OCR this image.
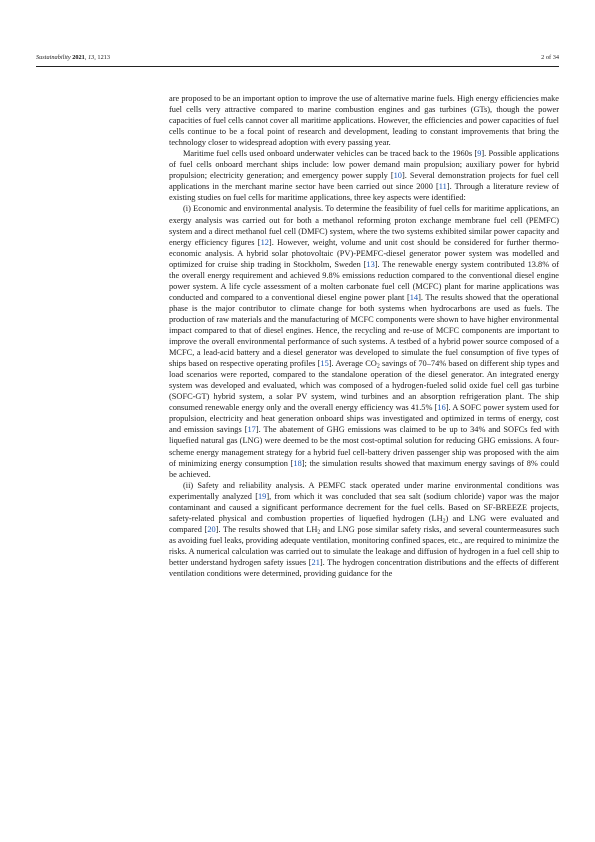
Sustainability 2021, 13, 1213	2 of 34

are proposed to be an important option to improve the use of alternative marine fuels. High energy efficiencies make fuel cells very attractive compared to marine combustion engines and gas turbines (GTs), though the power capacities of fuel cells cannot cover all maritime applications. However, the efficiencies and power capacities of fuel cells continue to be a focal point of research and development, leading to constant improvements that bring the technology closer to widespread adoption with every passing year.

Maritime fuel cells used onboard underwater vehicles can be traced back to the 1960s [9]. Possible applications of fuel cells onboard merchant ships include: low power demand main propulsion; auxiliary power for hybrid propulsion; electricity generation; and emergency power supply [10]. Several demonstration projects for fuel cell applications in the merchant marine sector have been carried out since 2000 [11]. Through a literature review of existing studies on fuel cells for maritime applications, three key aspects were identified:

(i) Economic and environmental analysis. To determine the feasibility of fuel cells for maritime applications, an exergy analysis was carried out for both a methanol reforming proton exchange membrane fuel cell (PEMFC) system and a direct methanol fuel cell (DMFC) system, where the two systems exhibited similar power capacity and energy efficiency figures [12]. However, weight, volume and unit cost should be considered for further thermo-economic analysis. A hybrid solar photovoltaic (PV)-PEMFC-diesel generator power system was modelled and optimized for cruise ship trading in Stockholm, Sweden [13]. The renewable energy system contributed 13.8% of the overall energy requirement and achieved 9.8% emissions reduction compared to the conventional diesel engine power system. A life cycle assessment of a molten carbonate fuel cell (MCFC) plant for marine applications was conducted and compared to a conventional diesel engine power plant [14]. The results showed that the operational phase is the major contributor to climate change for both systems when hydrocarbons are used as fuels. The production of raw materials and the manufacturing of MCFC components were shown to have higher environmental impact compared to that of diesel engines. Hence, the recycling and re-use of MCFC components are important to improve the overall environmental performance of such systems. A testbed of a hybrid power source composed of a MCFC, a lead-acid battery and a diesel generator was developed to simulate the fuel consumption of five types of ships based on respective operating profiles [15]. Average $CO_2$ savings of 70–74% based on different ship types and load scenarios were reported, compared to the standalone operation of the diesel generator. An integrated energy system was developed and evaluated, which was composed of a hydrogen-fueled solid oxide fuel cell gas turbine (SOFC-GT) hybrid system, a solar PV system, wind turbines and an absorption refrigeration plant. The ship consumed renewable energy only and the overall energy efficiency was 41.5% [16]. A SOFC power system used for propulsion, electricity and heat generation onboard ships was investigated and optimized in terms of energy, cost and emission savings [17]. The abatement of GHG emissions was claimed to be up to 34% and SOFCs fed with liquefied natural gas (LNG) were deemed to be the most cost-optimal solution for reducing GHG emissions. A four-scheme energy management strategy for a hybrid fuel cell-battery driven passenger ship was proposed with the aim of minimizing energy consumption [18]; the simulation results showed that maximum energy savings of 8% could be achieved.

(ii) Safety and reliability analysis. A PEMFC stack operated under marine environmental conditions was experimentally analyzed [19], from which it was concluded that sea salt (sodium chloride) vapor was the major contaminant and caused a significant performance decrement for the fuel cells. Based on SF-BREEZE projects, safety-related physical and combustion properties of liquefied hydrogen $(LH_2)$ and LNG were evaluated and compared [20]. The results showed that $LH_2$ and LNG pose similar safety risks, and several countermeasures such as avoiding fuel leaks, providing adequate ventilation, monitoring confined spaces, etc., are required to minimize the risks. A numerical calculation was carried out to simulate the leakage and diffusion of hydrogen in a fuel cell ship to better understand hydrogen safety issues [21]. The hydrogen concentration distributions and the effects of different ventilation conditions were determined, providing guidance for the
